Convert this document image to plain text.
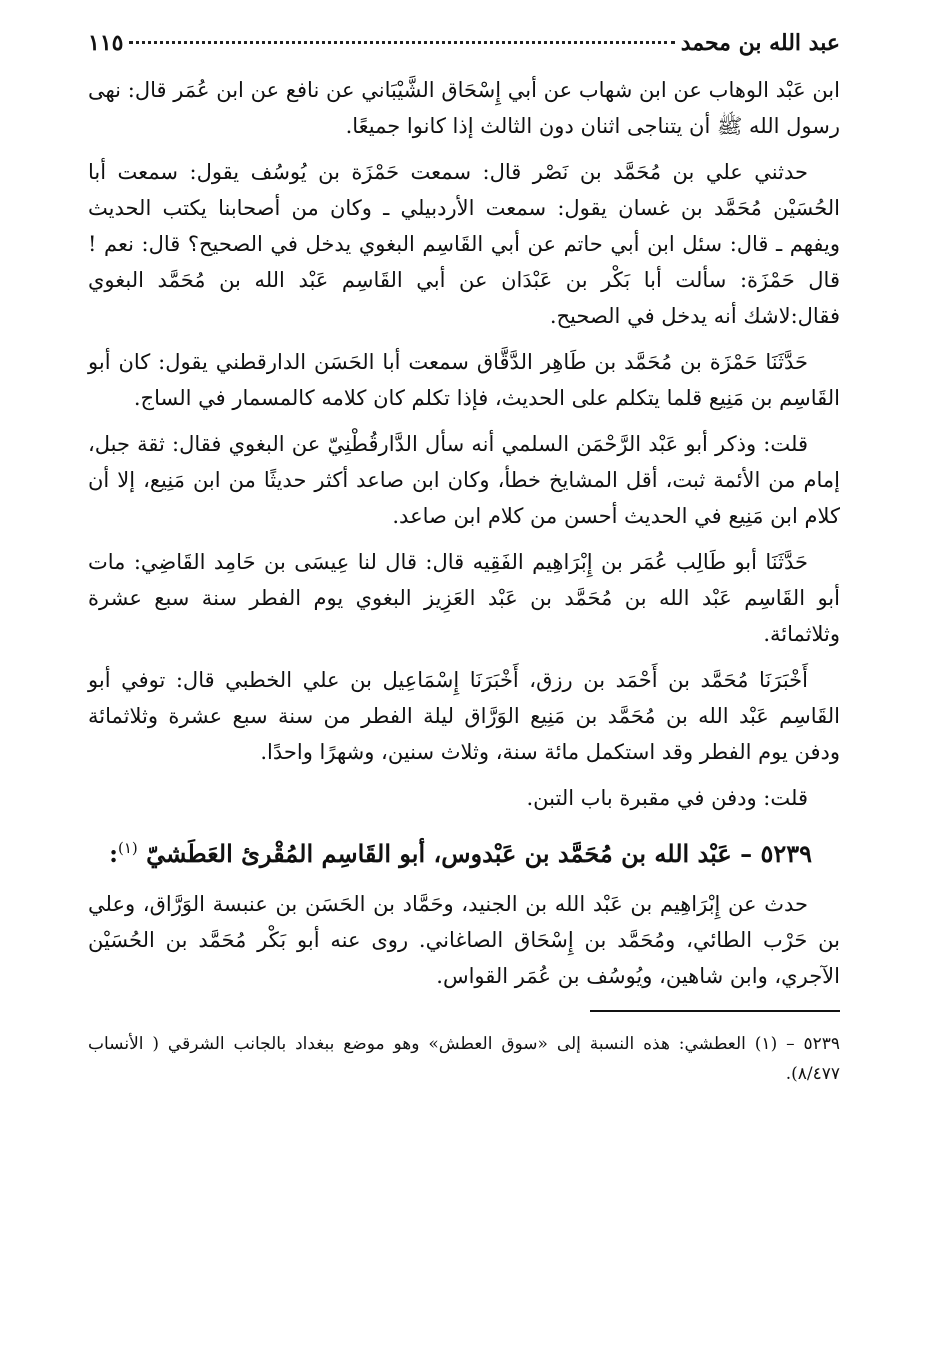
عبد الله بن محمد
١١٥

ابن عَبْد الوهاب عن ابن شهاب عن أبي إِسْحَاق الشَّيْبَاني عن نافع عن ابن عُمَر قال: نهى رسول الله ﷺ أن يتناجى اثنان دون الثالث إذا كانوا جميعًا.

حدثني علي بن مُحَمَّد بن نَصْر قال: سمعت حَمْزَة بن يُوسُف يقول: سمعت أبا الحُسَيْن مُحَمَّد بن غسان يقول: سمعت الأردبيلي ـ وكان من أصحابنا يكتب الحديث ويفهم ـ قال: سئل ابن أبي حاتم عن أبي القَاسِم البغوي يدخل في الصحيح؟ قال: نعم ! قال حَمْزَة: سألت أبا بَكْر بن عَبْدَان عن أبي القَاسِم عَبْد الله بن مُحَمَّد البغوي فقال:لاشك أنه يدخل في الصحيح.

حَدَّثَنَا حَمْزَة بن مُحَمَّد بن طَاهِر الدَّقَّاق سمعت أبا الحَسَن الدارقطني يقول: كان أبو القَاسِم بن مَنِيع قلما يتكلم على الحديث، فإذا تكلم كان كلامه كالمسمار في الساج.

قلت: وذكر أبو عَبْد الرَّحْمَن السلمي أنه سأل الدَّارقُطْنِيّ عن البغوي فقال: ثقة جبل، إمام من الأئمة ثبت، أقل المشايخ خطأ، وكان ابن صاعد أكثر حديثًا من ابن مَنِيع، إلا أن كلام ابن مَنِيع في الحديث أحسن من كلام ابن صاعد.

حَدَّثَنَا أبو طَالِب عُمَر بن إِبْرَاهِيم الفَقِيه قال: قال لنا عِيسَى بن حَامِد القَاضِي: مات أبو القَاسِم عَبْد الله بن مُحَمَّد بن عَبْد العَزِيز البغوي يوم الفطر سنة سبع عشرة وثلاثمائة.

أَخْبَرَنَا مُحَمَّد بن أَحْمَد بن رزق، أَخْبَرَنَا إِسْمَاعِيل بن علي الخطبي قال: توفي أبو القَاسِم عَبْد الله بن مُحَمَّد بن مَنِيع الوَرَّاق ليلة الفطر من سنة سبع عشرة وثلاثمائة ودفن يوم الفطر وقد استكمل مائة سنة، وثلاث سنين، وشهرًا واحدًا.

قلت: ودفن في مقبرة باب التبن.

٥٢٣٩ – عَبْد الله بن مُحَمَّد بن عَبْدوس، أبو القَاسِم المُقْرئ العَطَشيّ $^{(١)}$:

حدث عن إِبْرَاهِيم بن عَبْد الله بن الجنيد، وحَمَّاد بن الحَسَن بن عنبسة الوَرَّاق، وعلي بن حَرْب الطائي، ومُحَمَّد بن إِسْحَاق الصاغاني. روى عنه أبو بَكْر مُحَمَّد بن الحُسَيْن الآجري، وابن شاهين، ويُوسُف بن عُمَر القواس.

٥٢٣٩ – (١) العطشي: هذه النسبة إلى «سوق العطش» وهو موضع ببغداد بالجانب الشرقي ( الأنساب ٨/٤٧٧).
